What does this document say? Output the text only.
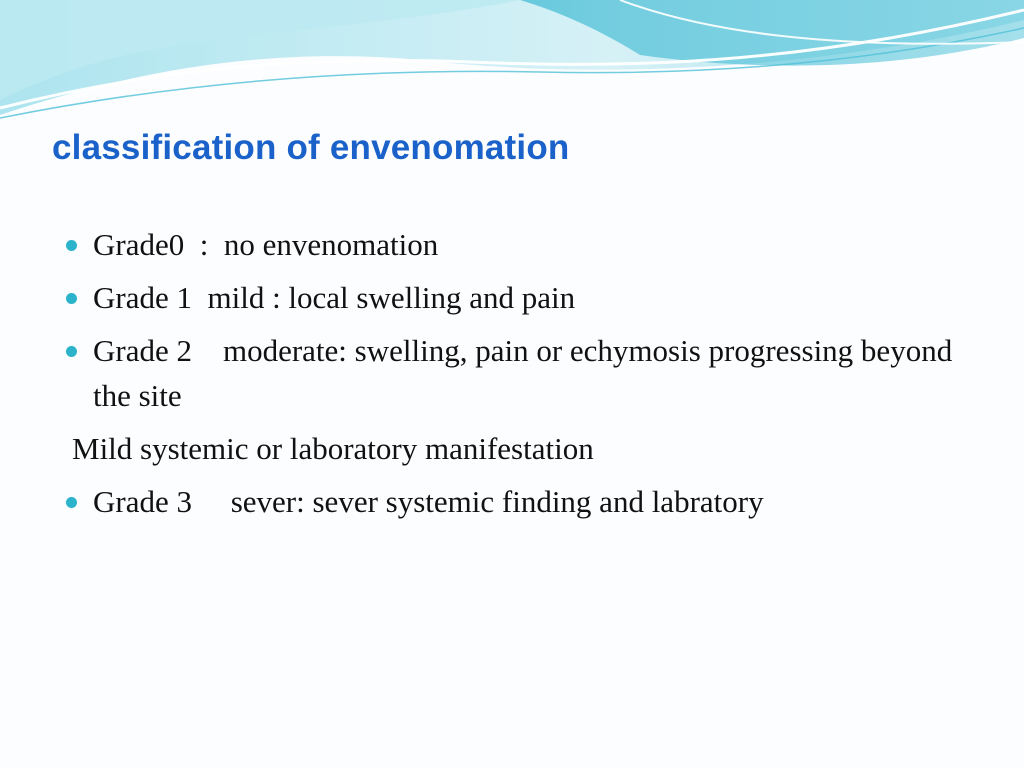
classification of envenomation
Grade0  :  no envenomation
Grade 1  mild : local swelling and pain
Grade 2    moderate: swelling, pain or echymosis progressing beyond the site
Mild systemic or laboratory manifestation
Grade 3     sever: sever systemic finding and labratory
